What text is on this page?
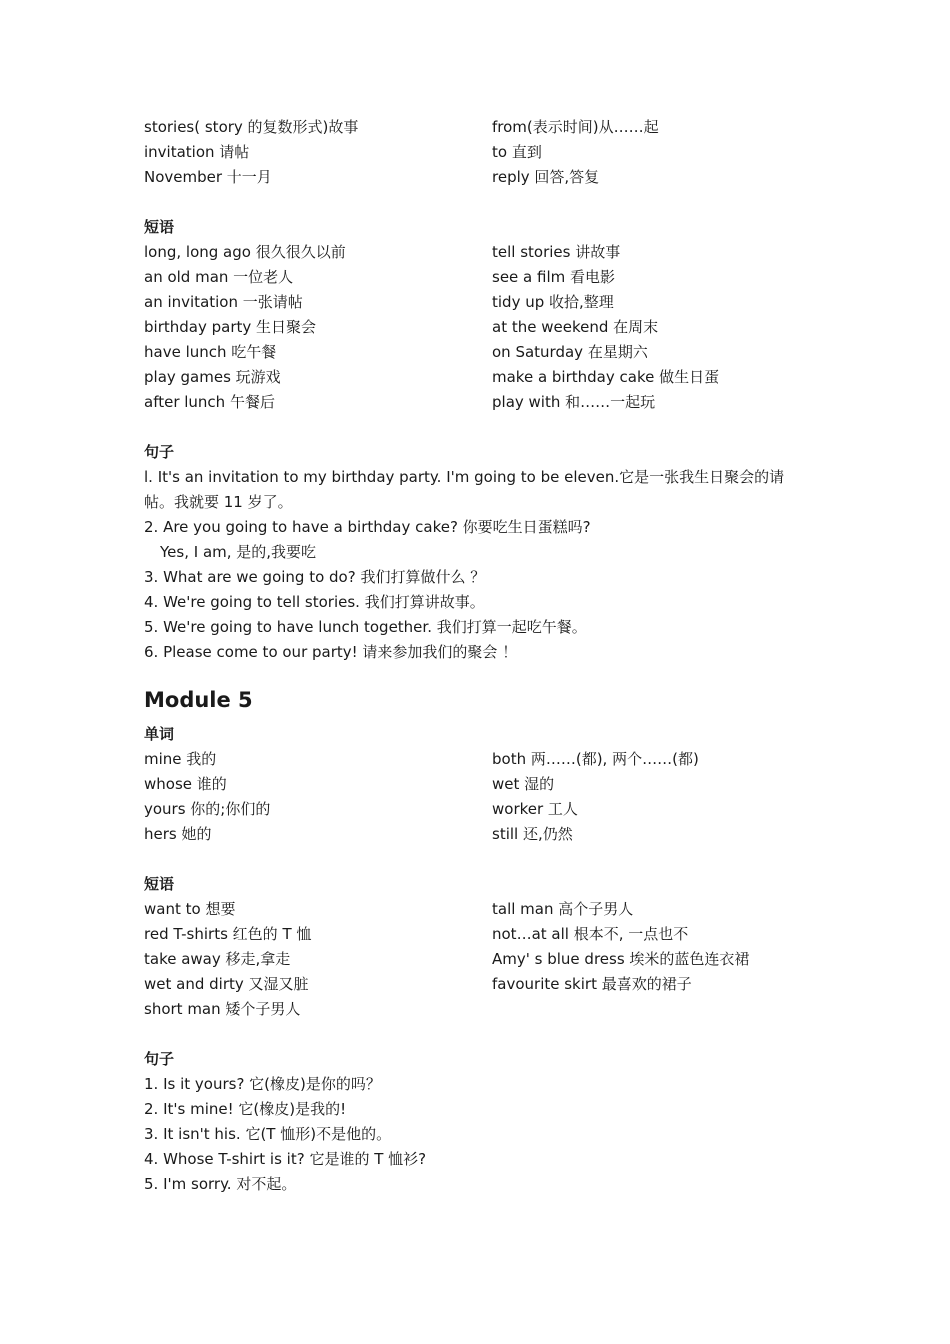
stories( story 的复数形式)故事
invitation 请帖
November 十一月
from(表示时间)从……起
to 直到
reply 回答,答复
短语
long, long ago 很久很久以前
an old man 一位老人
an invitation 一张请帖
birthday party 生日聚会
have lunch 吃午餐
play games 玩游戏
after lunch 午餐后
tell stories 讲故事
see a film 看电影
tidy up 收拾,整理
at the weekend 在周末
on Saturday 在星期六
make a birthday cake 做生日蛋
play with 和……一起玩
句子
l. It's an invitation to my birthday party. I'm going to be eleven.它是一张我生日聚会的请帖。我就要 11 岁了。
2. Are you going to have a birthday cake? 你要吃生日蛋糕吗?
Yes, I am, 是的,我要吃
3. What are we going to do? 我们打算做什么 ？
4. We're going to tell stories. 我们打算讲故事。
5. We're going to have lunch together. 我们打算一起吃午餐。
6. Please come to our party! 请来参加我们的聚会 ！
Module 5
单词
mine 我的
whose 谁的
yours 你的;你们的
hers 她的
both 两……(都), 两个……(都)
wet 湿的
worker 工人
still 还,仍然
短语
want to 想要
red T-shirts 红色的 T 恤
take away 移走,拿走
wet and dirty 又湿又脏
short man 矮个子男人
tall man 高个子男人
not…at all 根本不, 一点也不
Amy' s blue dress 埃米的蓝色连衣裙
favourite skirt 最喜欢的裙子
句子
1. Is it yours? 它(橡皮)是你的吗？
2. It's mine! 它(橡皮)是我的!
3. It isn't his. 它(T 恤形)不是他的。
4. Whose T-shirt is it? 它是谁的 T 恤衫?
5. I'm sorry. 对不起。
